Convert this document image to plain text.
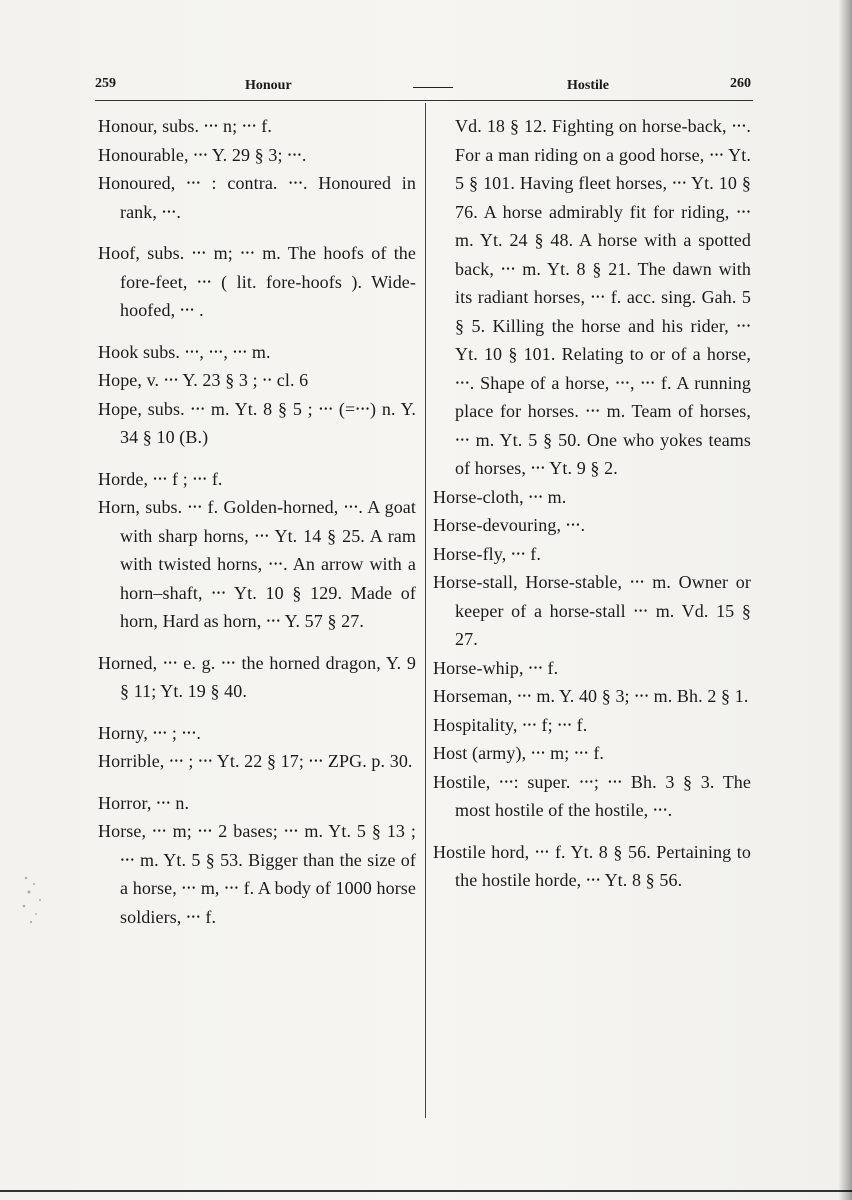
259	Honour	Hostile	260
Honour, subs. ⸱⸱⸱ n; ⸱⸱⸱ f.
Honourable, ⸱⸱⸱ Y. 29 § 3; ⸱⸱⸱.
Honoured, ⸱⸱⸱ : contra. ⸱⸱⸱. Honoured in rank, ⸱⸱⸱.
Hoof, subs. ⸱⸱⸱ m; ⸱⸱⸱ m. The hoofs of the fore-feet, ⸱⸱⸱ ( lit. fore-hoofs ). Wide-hoofed, ⸱⸱⸱ .
Hook subs. ⸱⸱⸱, ⸱⸱⸱, ⸱⸱⸱ m.
Hope, v. ⸱⸱⸱ Y. 23 § 3 ; ⸱⸱ cl. 6
Hope, subs. ⸱⸱⸱ m. Yt. 8 § 5 ; ⸱⸱⸱ (=⸱⸱⸱) n. Y. 34 § 10 (B.)
Horde, ⸱⸱⸱ f ; ⸱⸱⸱ f.
Horn, subs. ⸱⸱⸱ f. Golden-horned, ⸱⸱⸱. A goat with sharp horns, ⸱⸱⸱ Yt. 14 § 25. A ram with twisted horns, ⸱⸱⸱. An arrow with a horn–shaft, ⸱⸱⸱ Yt. 10 § 129. Made of horn, Hard as horn, ⸱⸱⸱ Y. 57 § 27.
Horned, ⸱⸱⸱ e. g. ⸱⸱⸱ the horned dragon, Y. 9 § 11; Yt. 19 § 40.
Horny, ⸱⸱⸱ ; ⸱⸱⸱.
Horrible, ⸱⸱⸱ ; ⸱⸱⸱ Yt. 22 § 17; ⸱⸱⸱ ZPG. p. 30.
Horror, ⸱⸱⸱ n.
Horse, ⸱⸱⸱ m; ⸱⸱⸱ 2 bases; ⸱⸱⸱ m. Yt. 5 § 13 ; ⸱⸱⸱ m. Yt. 5 § 53. Bigger than the size of a horse, ⸱⸱⸱ m, ⸱⸱⸱ f. A body of 1000 horse soldiers, ⸱⸱⸱ f.
Vd. 18 § 12. Fighting on horse-back, ⸱⸱⸱. For a man riding on a good horse, ⸱⸱⸱ Yt. 5 § 101. Having fleet horses, ⸱⸱⸱ Yt. 10 § 76. A horse admirably fit for riding, ⸱⸱⸱ m. Yt. 24 § 48. A horse with a spotted back, ⸱⸱⸱ m. Yt. 8 § 21. The dawn with its radiant horses, ⸱⸱⸱ f. acc. sing. Gah. 5 § 5. Killing the horse and his rider, ⸱⸱⸱ Yt. 10 § 101. Relating to or of a horse, ⸱⸱⸱. Shape of a horse, ⸱⸱⸱, ⸱⸱⸱ f. A running place for horses. ⸱⸱⸱ m. Team of horses, ⸱⸱⸱ m. Yt. 5 § 50. One who yokes teams of horses, ⸱⸱⸱ Yt. 9 § 2.
Horse-cloth, ⸱⸱⸱ m.
Horse-devouring, ⸱⸱⸱.
Horse-fly, ⸱⸱⸱ f.
Horse-stall, Horse-stable, ⸱⸱⸱ m. Owner or keeper of a horse-stall ⸱⸱⸱ m. Vd. 15 § 27.
Horse-whip, ⸱⸱⸱ f.
Horseman, ⸱⸱⸱ m. Y. 40 § 3; ⸱⸱⸱ m. Bh. 2 § 1.
Hospitality, ⸱⸱⸱ f; ⸱⸱⸱ f.
Host (army), ⸱⸱⸱ m; ⸱⸱⸱ f.
Hostile, ⸱⸱⸱: super. ⸱⸱⸱; ⸱⸱⸱ Bh. 3 § 3. The most hostile of the hostile, ⸱⸱⸱.
Hostile hord, ⸱⸱⸱ f. Yt. 8 § 56. Pertaining to the hostile horde, ⸱⸱⸱ Yt. 8 § 56.
